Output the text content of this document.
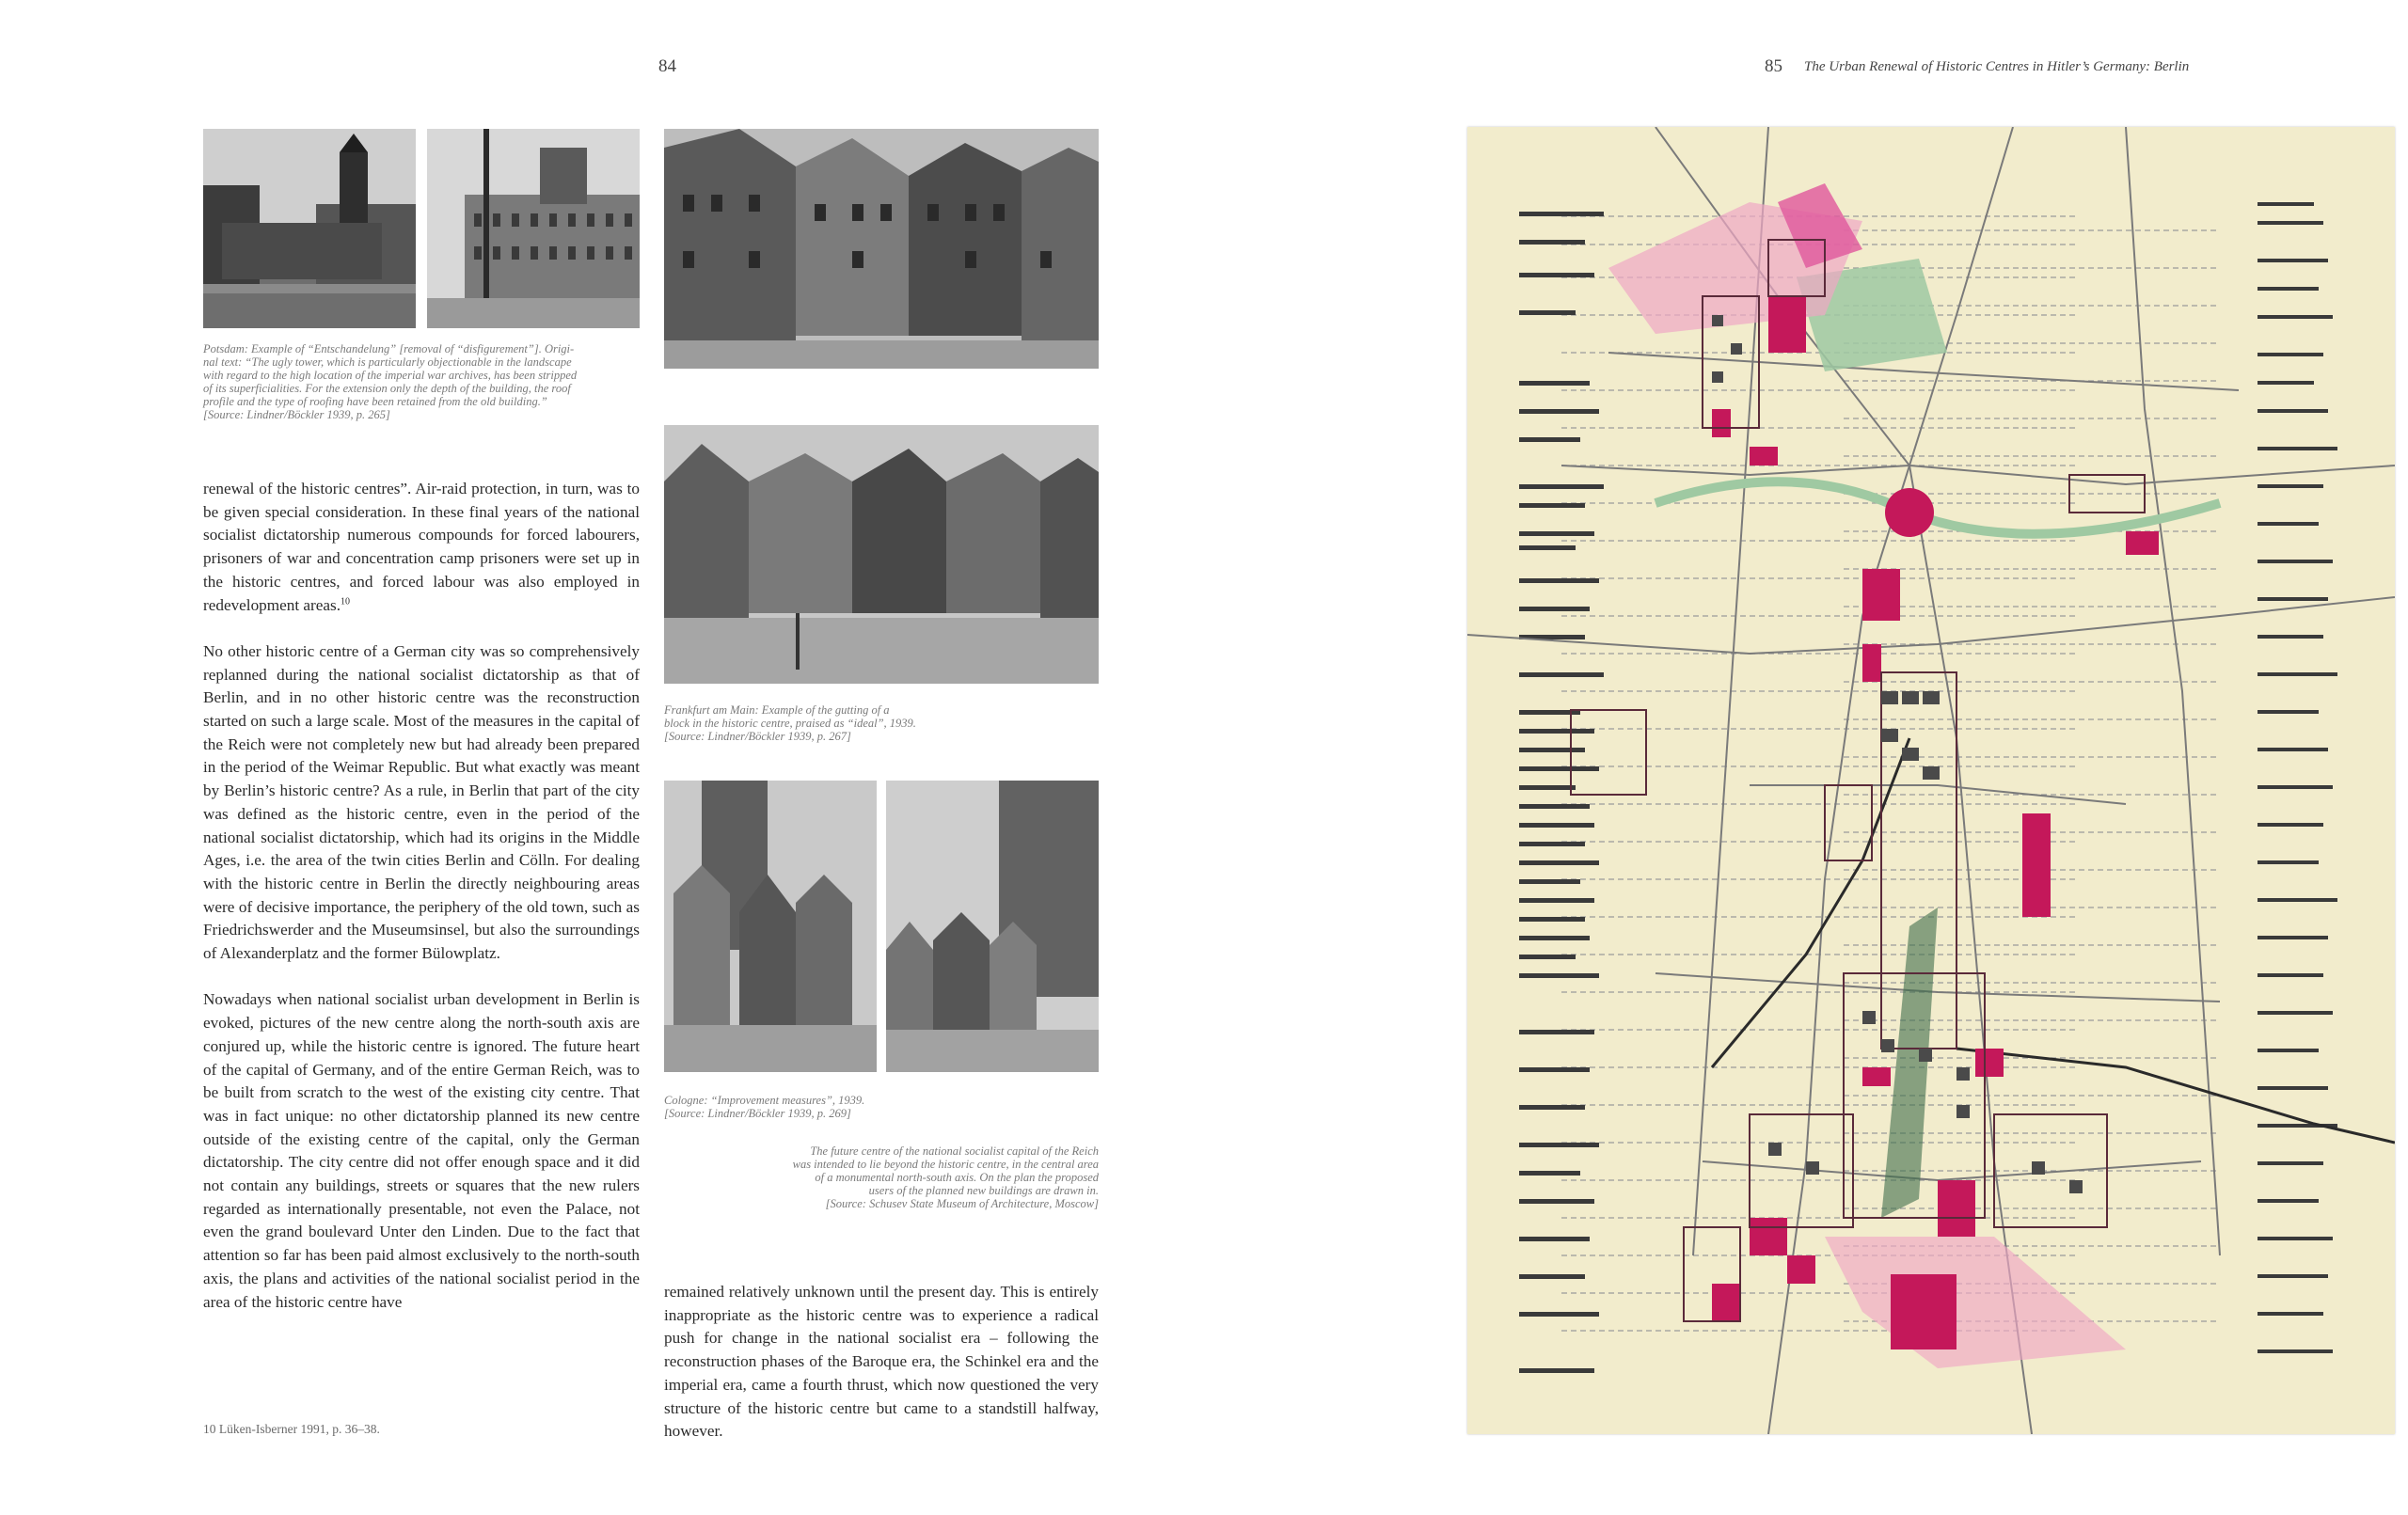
84

Potsdam: Example of “Entschandelung” [removal of “disfigurement”]. Origi-

nal text: “The ugly tower, which is particularly objectionable in the landscape

with regard to the high location of the imperial war archives, has been stripped

of its superficialities. For the extension only the depth of the building, the roof

profile and the type of roofing have been retained from the old building.”

[Source: Lindner/Böckler 1939, p. 265]

Frankfurt am Main: Example of the gutting of a

block in the historic centre, praised as “ideal”, 1939.

[Source: Lindner/Böckler 1939, p. 267]

Cologne: “Improvement measures”, 1939.

[Source: Lindner/Böckler 1939, p. 269]

The future centre of the national socialist capital of the Reich

was intended to lie beyond the historic centre, in the central area

of a monumental north-south axis. On the plan the proposed

users of the planned new buildings are drawn in.

[Source: Schusev State Museum of Architecture, Moscow]

renewal of the historic centres”. Air-raid protection, in turn, was to be given special consideration. In these final years of the national socialist dictatorship numerous compounds for forced labourers, prisoners of war and concentration camp prisoners were set up in the historic centres, and forced labour was also employed in redevelopment areas.$^{10}$

No other historic centre of a German city was so comprehensively replanned during the national socialist dictatorship as that of Berlin, and in no other historic centre was the reconstruction started on such a large scale. Most of the measures in the capital of the Reich were not completely new but had already been prepared in the period of the Weimar Republic. But what exactly was meant by Berlin’s historic centre? As a rule, in Berlin that part of the city was defined as the historic centre, even in the period of the national socialist dictatorship, which had its origins in the Middle Ages, i.e. the area of the twin cities Berlin and Cölln. For dealing with the historic centre in Berlin the directly neighbouring areas were of decisive importance, the periphery of the old town, such as Friedrichswerder and the Museumsinsel, but also the surroundings of Alexanderplatz and the former Bülowplatz.

Nowadays when national socialist urban development in Berlin is evoked, pictures of the new centre along the north-south axis are conjured up, while the historic centre is ignored. The future heart of the capital of Germany, and of the entire German Reich, was to be built from scratch to the west of the existing city centre. That was in fact unique: no other dictatorship planned its new centre outside of the existing centre of the capital, only the German dictatorship. The city centre did not offer enough space and it did not contain any buildings, streets or squares that the new rulers regarded as internationally presentable, not even the Palace, not even the grand boulevard Unter den Linden. Due to the fact that attention so far has been paid almost exclusively to the north-south axis, the plans and activities of the national socialist period in the area of the historic centre have

remained relatively unknown until the present day. This is entirely inappropriate as the historic centre was to experience a radical push for change in the national socialist era – following the reconstruction phases of the Baroque era, the Schinkel era and the imperial era, came a fourth thrust, which now questioned the very structure of the historic centre but came to a standstill halfway, however.

10 Lüken-Isberner 1991, p. 36–38.
85 The Urban Renewal of Historic Centres in Hitler’s Germany: Berlin
